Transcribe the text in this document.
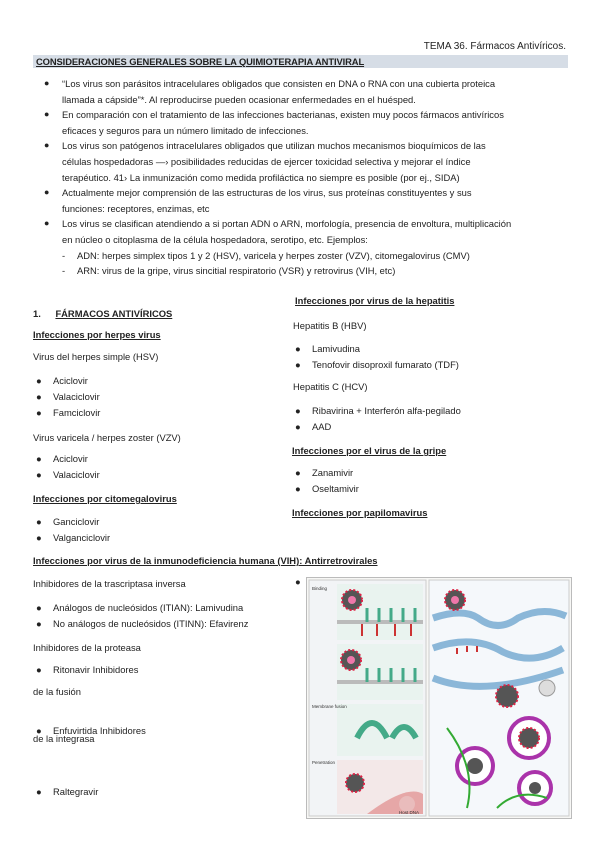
TEMA 36. Fármacos Antivíricos.
CONSIDERACIONES GENERALES SOBRE LA QUIMIOTERAPIA ANTIVIRAL
● “Los virus son parásitos intracelulares obligados que consisten en DNA o RNA con una cubierta proteica llamada a cápside”*. Al reproducirse pueden ocasionar enfermedades en el huésped.
● En comparación con el tratamiento de las infecciones bacterianas, existen muy pocos fármacos antivíricos eficaces y seguros para un número limitado de infecciones.
● Los virus son patógenos intracelulares obligados que utilizan muchos mecanismos bioquímicos de las células hospedadoras —› posibilidades reducidas de ejercer toxicidad selectiva y mejorar el índice terapéutico. 41› La inmunización como medida profiláctica no siempre es posible (por ej., SIDA)
● Actualmente mejor comprensión de las estructuras de los virus, sus proteínas constituyentes y sus funciones: receptores, enzimas, etc
● Los virus se clasifican atendiendo a si portan ADN o ARN, morfología, presencia de envoltura, multiplicación en núcleo o citoplasma de la célula hospedadora, serotipo, etc. Ejemplos:
- ADN: herpes simplex tipos 1 y 2 (HSV), varicela y herpes zoster (VZV), citomegalovirus (CMV)
- ARN: virus de la gripe, virus sincitial respiratorio (VSR) y retrovirus (VIH, etc)
1. FÁRMACOS ANTIVÍRICOS
Infecciones por herpes virus
Virus del herpes simple (HSV)
● Aciclovir
● Valaciclovir
● Famciclovir
Virus varicela / herpes zoster (VZV)
● Aciclovir
● Valaciclovir
Infecciones por citomegalovirus
● Ganciclovir
● Valganciclovir
Infecciones por virus de la inmunodeficiencia humana (VIH): Antirretrovirales
Inhibidores de la trascriptasa inversa
● Análogos de nucleósidos (ITIAN): Lamivudina
● No análogos de nucleósidos (ITINN): Efavirenz
Inhibidores de la proteasa
● Ritonavir Inhibidores
de la fusión
● Enfuvirtida Inhibidores
de la integrasa
● Raltegravir
Infecciones por virus de la hepatitis
Hepatitis B (HBV)
● Lamivudina
● Tenofovir disoproxil fumarato (TDF)
Hepatitis C (HCV)
● Ribavirina + Interferón alfa-pegilado
● AAD
Infecciones por el virus de la gripe
● Zanamivir
● Oseltamivir
Infecciones por papilomavirus
●
Binding
Membrane fusion
Penetration
Host DNA
